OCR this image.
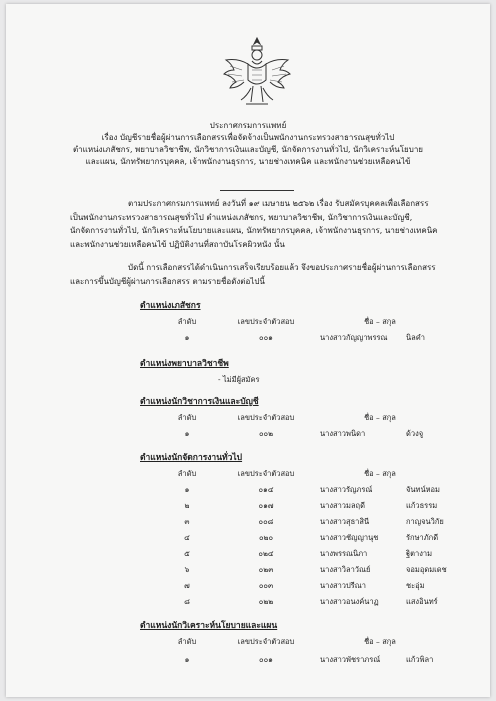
ประกาศกรมการแพทย์
เรื่อง บัญชีรายชื่อผู้ผ่านการเลือกสรรเพื่อจัดจ้างเป็นพนักงานกระทรวงสาธารณสุขทั่วไป
ตำแหน่งเภสัชกร, พยาบาลวิชาชีพ, นักวิชาการเงินและบัญชี, นักจัดการงานทั่วไป, นักวิเคราะห์นโยบาย
และแผน, นักทรัพยากรบุคคล, เจ้าพนักงานธุรการ, นายช่างเทคนิค และพนักงานช่วยเหลือคนไข้
ตามประกาศกรมการแพทย์ ลงวันที่ ๑๙ เมษายน ๒๕๖๒ เรื่อง รับสมัครบุคคลเพื่อเลือกสรร
เป็นพนักงานกระทรวงสาธารณสุขทั่วไป ตำแหน่งเภสัชกร, พยาบาลวิชาชีพ, นักวิชาการเงินและบัญชี,
นักจัดการงานทั่วไป, นักวิเคราะห์นโยบายและแผน, นักทรัพยากรบุคคล, เจ้าพนักงานธุรการ, นายช่างเทคนิค
และพนักงานช่วยเหลือคนไข้ ปฏิบัติงานที่สถาบันโรคผิวหนัง นั้น
บัดนี้ การเลือกสรรได้ดำเนินการเสร็จเรียบร้อยแล้ว จึงขอประกาศรายชื่อผู้ผ่านการเลือกสรร
และการขึ้นบัญชีผู้ผ่านการเลือกสรร ตามรายชื่อดังต่อไปนี้
ตำแหน่งเภสัชกร
ลำดับ	เลขประจำตัวสอบ	ชื่อ – สกุล
๑	๐๐๑	นางสาวกัญญาพรรณ นิลคำ
ตำแหน่งพยาบาลวิชาชีพ
- ไม่มีผู้สมัคร
ตำแหน่งนักวิชาการเงินและบัญชี
ลำดับ	เลขประจำตัวสอบ	ชื่อ – สกุล
๑	๐๐๒	นางสาวพนิดา	ด้วงจู
ตำแหน่งนักจัดการงานทั่วไป
ลำดับ	เลขประจำตัวสอบ	ชื่อ – สกุล
๑	๐๑๔	นางสาวรัญภรณ์	จันทน์หอม
๒	๐๑๗	นางสาวมลฤดี	แก้วธรรม
๓	๐๐๘	นางสาวสุธาสินี	กาญจนวิกัย
๔	๐๒๐	นางสาวชัญญานุช	รักษาภักดี
๕	๐๒๔	นางพรรณนิภา	ฐิตางาม
๖	๐๒๓	นางสาวิลาวัณย์	จอมอุดมเดช
๗	๐๐๓	นางสาวปรีณา	ชะอุ่ม
๘	๐๒๒	นางสาวอนงค์นาฏ	แสงอินทร์
ตำแหน่งนักวิเคราะห์นโยบายและแผน
ลำดับ	เลขประจำตัวสอบ	ชื่อ – สกุล
๑	๐๐๑	นางสาวพัชราภรณ์	แก้วพิลา
